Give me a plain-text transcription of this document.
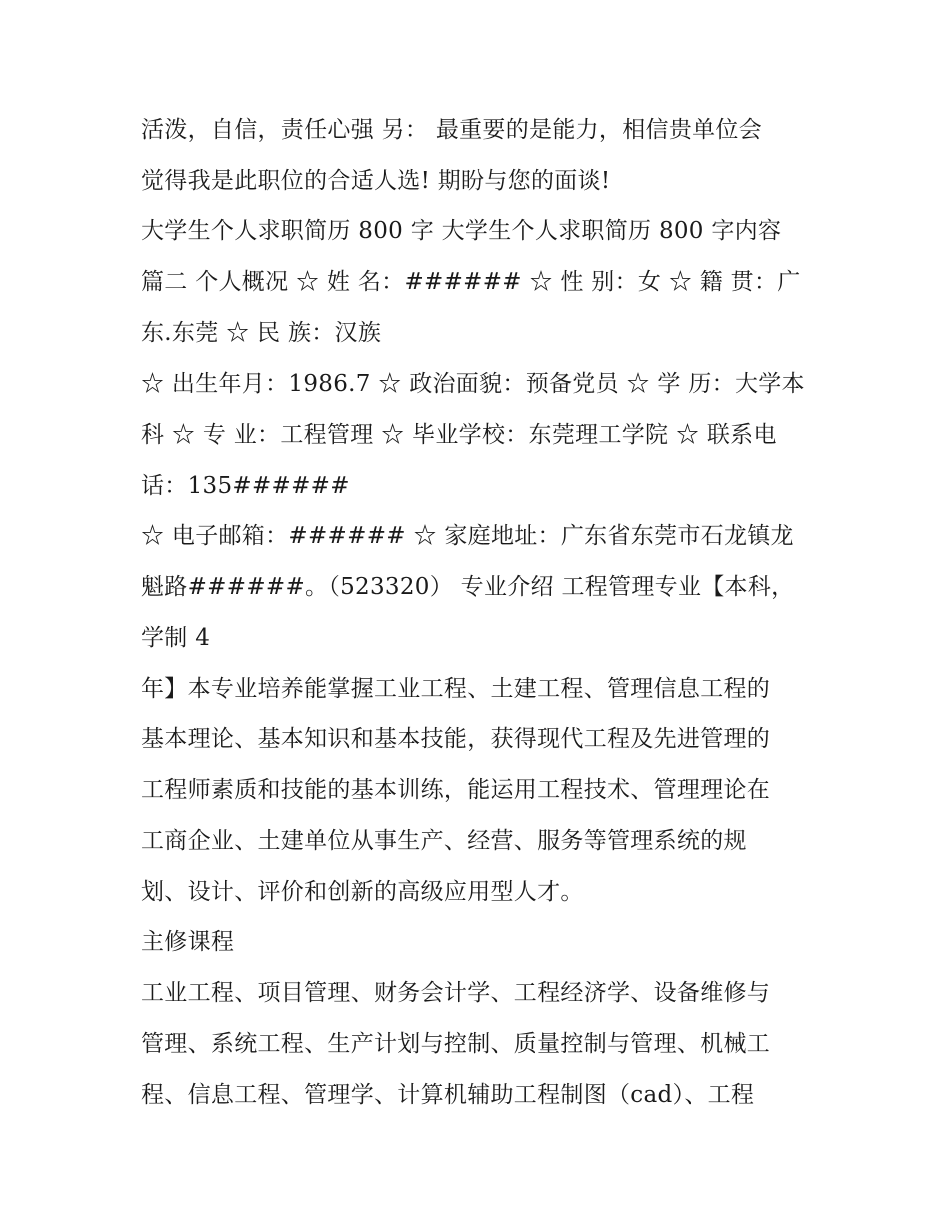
活泼，自信，责任心强 另： 最重要的是能力，相信贵单位会
觉得我是此职位的合适人选! 期盼与您的面谈!
大学生个人求职简历 800 字 大学生个人求职简历 800 字内容
篇二 个人概况 ☆ 姓 名：###### ☆ 性 别：女 ☆ 籍 贯：广
东.东莞 ☆ 民 族：汉族
☆ 出生年月：1986.7 ☆ 政治面貌：预备党员 ☆ 学 历：大学本
科 ☆ 专 业：工程管理 ☆ 毕业学校：东莞理工学院 ☆ 联系电
话：135######
☆ 电子邮箱：###### ☆ 家庭地址：广东省东莞市石龙镇龙
魁路######。（523320） 专业介绍 工程管理专业【本科，
学制 4
年】本专业培养能掌握工业工程、土建工程、管理信息工程的
基本理论、基本知识和基本技能，获得现代工程及先进管理的
工程师素质和技能的基本训练，能运用工程技术、管理理论在
工商企业、土建单位从事生产、经营、服务等管理系统的规
划、设计、评价和创新的高级应用型人才。
主修课程
工业工程、项目管理、财务会计学、工程经济学、设备维修与
管理、系统工程、生产计划与控制、质量控制与管理、机械工
程、信息工程、管理学、计算机辅助工程制图（cad）、工程
